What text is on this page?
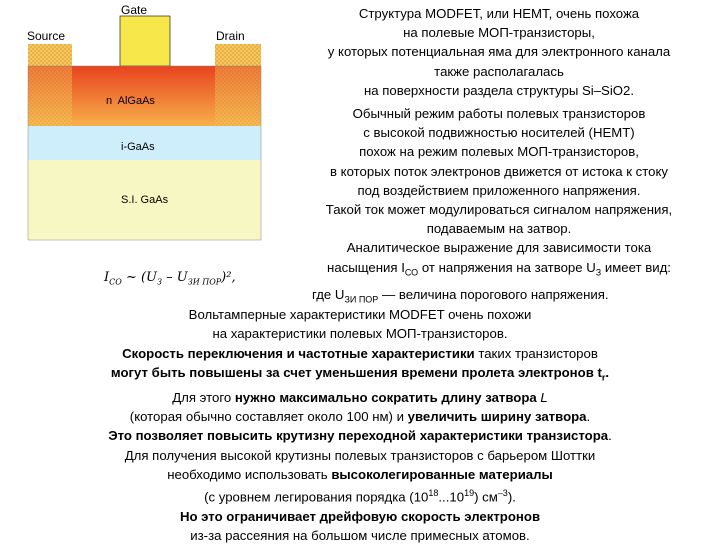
Gate
Source	Drain
n  AlGaAs
i-GaAs
S.I. GaAs

Структура MODFET, или HEMT, очень похожа

на полевые МОП-транзисторы,

у которых потенциальная яма для электронного канала

также располагалась

на поверхности раздела структуры Si–SiO2.

Обычный режим работы полевых транзисторов

с высокой подвижностью носителей (HEMT)

похож на режим полевых МОП-транзисторов,

в которых поток электронов движется от истока к стоку

под воздействием приложенного напряжения.

Такой ток может модулироваться сигналом напряжения,

подаваемым на затвор.

Аналитическое выражение для зависимости тока

насыщения $I_{СО}$ от напряжения на затворе $U_З$ имеет вид:

$I_{СО}$ ~ $(U_З - U_{ЗИ ПОР})^2$,
где $U_{ЗИ ПОР}$ — величина порогового напряжения.

Вольтамперные характеристики MODFET очень похожи

на характеристики полевых МОП-транзисторов.

Скорость переключения и частотные характеристики таких транзисторов

могут быть повышены за счет уменьшения времени пролета электронов $t_r$.

Для этого нужно максимально сократить длину затвора L

(которая обычно составляет около 100 нм) и увеличить ширину затвора.

Это позволяет повысить крутизну переходной характеристики транзистора.

Для получения высокой крутизны полевых транзисторов с барьером Шоттки

необходимо использовать высоколегированные материалы

(с уровнем легирования порядка $(10^{18}...10^{19})$ $см^{-3}$).

Но это ограничивает дрейфовую скорость электронов

из-за рассеяния на большом числе примесных атомов.
